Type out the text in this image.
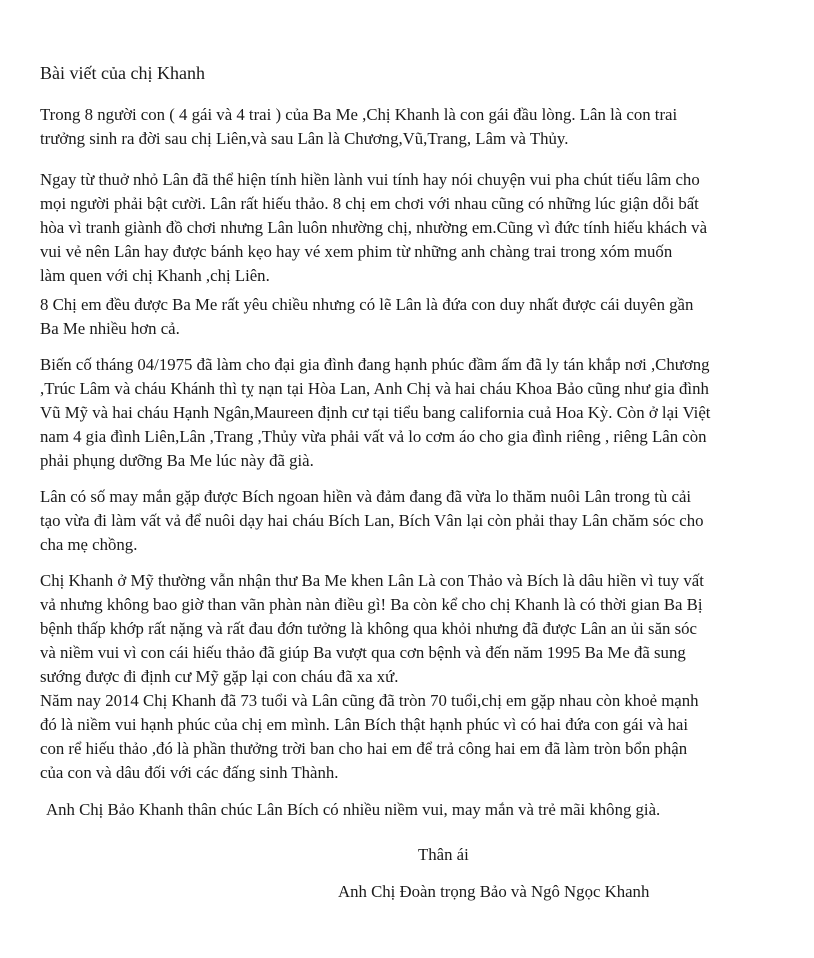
Bài viết của chị Khanh
Trong 8 người con ( 4 gái và 4 trai ) của Ba Me ,Chị Khanh là con gái đầu lòng. Lân là con trai
trưởng sinh ra đời sau chị Liên,và sau Lân là Chương,Vũ,Trang, Lâm và Thủy.
Ngay từ thuở nhỏ Lân đã thể hiện tính hiền lành vui tính hay nói chuyện vui pha chút tiếu lâm cho
mọi người phải bật cười. Lân rất hiếu thảo. 8 chị em chơi với nhau cũng có những lúc giận dỗi bất
hòa vì tranh giành đồ chơi nhưng Lân luôn nhường chị, nhường em.Cũng vì đức tính hiếu khách và
vui vẻ nên Lân hay được bánh kẹo hay vé xem phim từ những anh chàng trai trong xóm muốn
làm quen với chị Khanh ,chị Liên.
8 Chị em đều được Ba Me rất yêu chiều nhưng có lẽ Lân là đứa con duy nhất được cái duyên gần
Ba Me nhiều hơn cả.
Biến cố tháng 04/1975 đã làm cho đại gia đình đang hạnh phúc đầm ấm đã ly tán khắp nơi ,Chương
,Trúc Lâm và cháu Khánh thì tỵ nạn tại Hòa Lan, Anh Chị và hai cháu Khoa Bảo cũng như gia đình
Vũ Mỹ và hai cháu Hạnh Ngân,Maureen định cư tại tiểu bang california cuả Hoa Kỳ. Còn ở lại Việt
nam 4 gia đình Liên,Lân ,Trang ,Thủy vừa phải vất vả lo cơm áo cho gia đình riêng , riêng Lân còn
phải phụng dưỡng Ba Me lúc này đã già.
Lân có số may mắn gặp được Bích ngoan hiền và đảm đang đã vừa lo thăm nuôi Lân trong tù cải
tạo vừa đi làm vất vả để nuôi dạy hai cháu Bích Lan, Bích Vân lại còn phải thay Lân chăm sóc cho
cha mẹ chồng.
Chị Khanh ở Mỹ thường vẫn nhận thư Ba Me khen Lân Là con Thảo và Bích là dâu hiền vì tuy vất
vả nhưng không bao giờ than vãn phàn nàn điều gì! Ba còn kể cho chị Khanh là có thời gian Ba Bị
bệnh thấp khớp rất nặng và rất đau đớn tưởng là không qua khỏi nhưng đã được Lân an ủi săn sóc
và niềm vui vì con cái hiếu thảo đã giúp Ba vượt qua cơn bệnh và đến năm 1995 Ba Me đã sung
sướng được đi định cư Mỹ gặp lại con cháu đã xa xứ.
Năm nay 2014 Chị Khanh đã 73 tuổi và Lân cũng đã tròn 70 tuổi,chị em gặp nhau còn khoẻ mạnh
đó là niềm vui hạnh phúc của chị em mình. Lân Bích thật hạnh phúc vì có hai đứa con gái và hai
con rể hiếu thảo ,đó là phần thưởng trời ban cho hai em để trả công hai em đã làm tròn bổn phận
của con và dâu đối với các đấng sinh Thành.
Anh Chị Bảo Khanh thân chúc Lân Bích có nhiều niềm vui, may mắn và trẻ mãi không già.
Thân ái
Anh Chị Đoàn trọng Bảo và Ngô Ngọc Khanh
